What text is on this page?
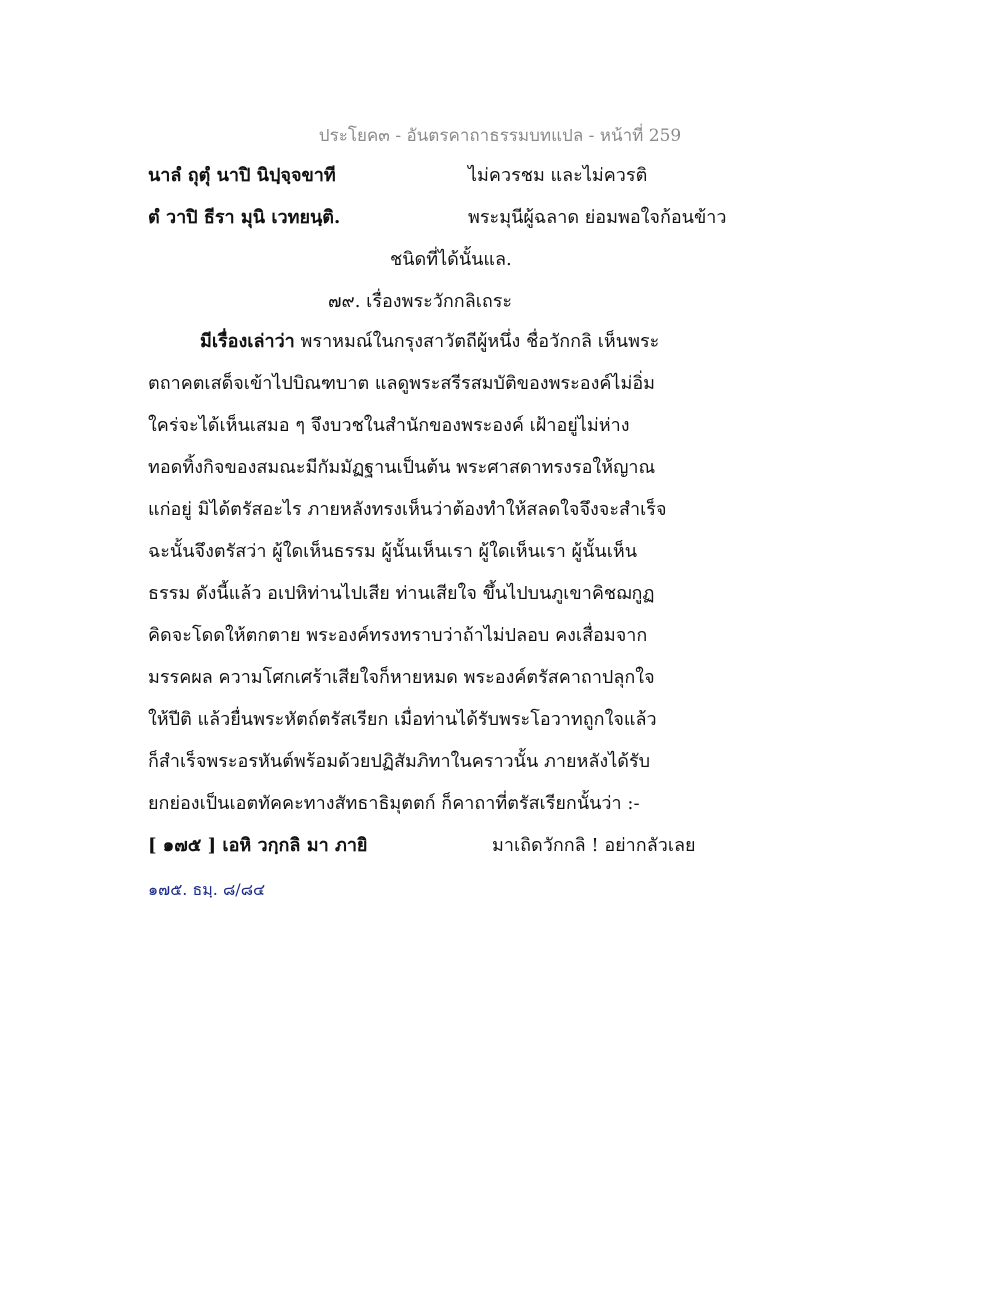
ประโยค๓ - อันตรคาถาธรรมบทแปล - หน้าที่ 259
นาลํ ถุตุํ นาปิ นิปฺจฺจขาที	ไม่ควรชม และไม่ควรติ
ตํ วาปิ ธีรา มุนิ เวทยนฺติ.	พระมุนีผู้ฉลาด ย่อมพอใจก้อนข้าว
ชนิดที่ได้นั้นแล.
๗๙. เรื่องพระวักกลิเถระ
มีเรื่องเล่าว่า พราหมณ์ในกรุงสาวัตถีผู้หนึ่ง ชื่อวักกลิ เห็นพระ
ตถาคตเสด็จเข้าไปบิณฑบาต แลดูพระสรีรสมบัติของพระองค์ไม่อิ่ม
ใคร่จะได้เห็นเสมอ ๆ จึงบวชในสำนักของพระองค์ เฝ้าอยู่ไม่ห่าง
ทอดทิ้งกิจของสมณะมีกัมมัฏฐานเป็นต้น พระศาสดาทรงรอให้ญาณ
แก่อยู่ มิได้ตรัสอะไร ภายหลังทรงเห็นว่าต้องทำให้สลดใจจึงจะสำเร็จ
ฉะนั้นจึงตรัสว่า ผู้ใดเห็นธรรม ผู้นั้นเห็นเรา ผู้ใดเห็นเรา ผู้นั้นเห็น
ธรรม ดังนี้แล้ว อเปหิท่านไปเสีย ท่านเสียใจ ขึ้นไปบนภูเขาคิชฌกูฏ
คิดจะโดดให้ตกตาย พระองค์ทรงทราบว่าถ้าไม่ปลอบ คงเสื่อมจาก
มรรคผล ความโศกเศร้าเสียใจก็หายหมด พระองค์ตรัสคาถาปลุกใจ
ให้ปีติ แล้วยื่นพระหัตถ์ตรัสเรียก เมื่อท่านได้รับพระโอวาทถูกใจแล้ว
ก็สำเร็จพระอรหันต์พร้อมด้วยปฏิสัมภิทาในคราวนั้น ภายหลังได้รับ
ยกย่องเป็นเอตทัคคะทางสัทธาธิมุตตก์ ก็คาถาที่ตรัสเรียกนั้นว่า :-
[ ๑๗๕ ] เอหิ วกฺกลิ มา ภายิ	มาเถิดวักกลิ ! อย่ากลัวเลย
๑๗๕. ธมฺ. ๘/๘๔
